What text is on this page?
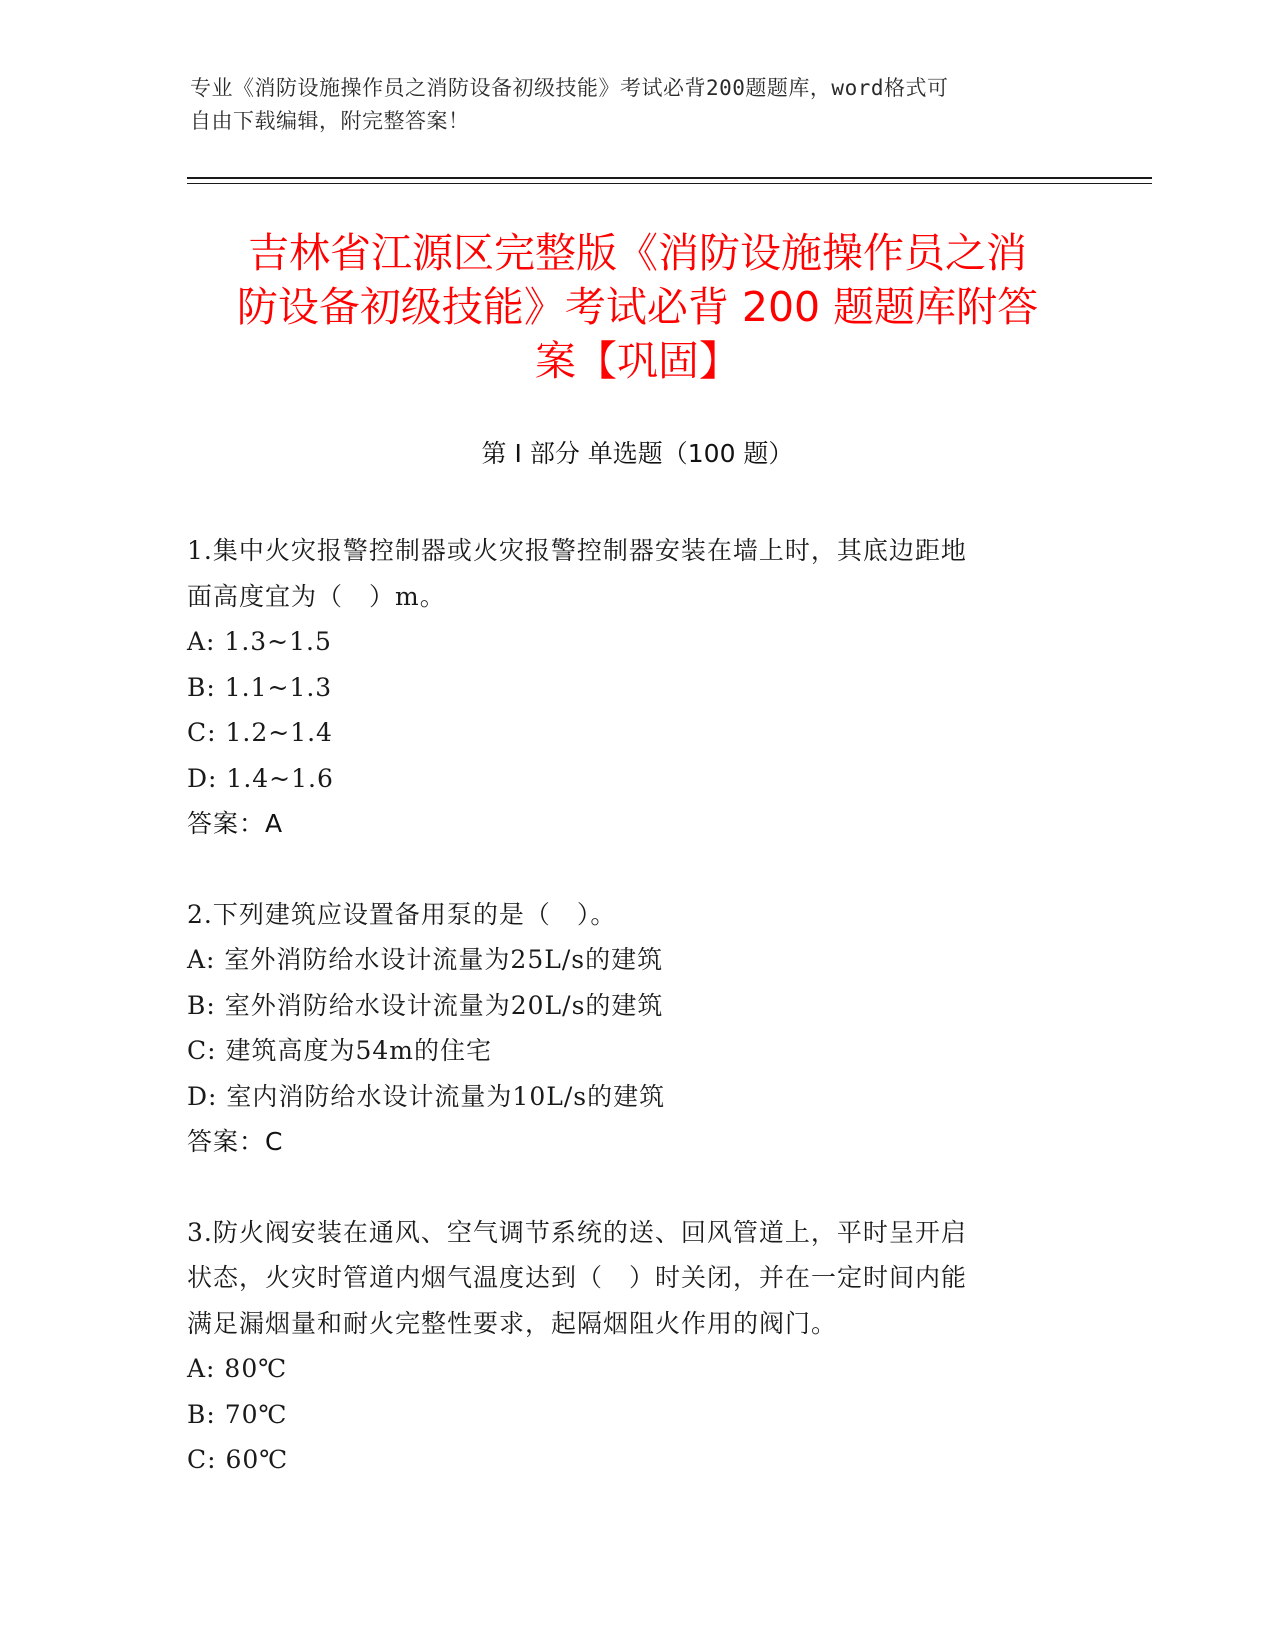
专业《消防设施操作员之消防设备初级技能》考试必背200题题库，word格式可
自由下载编辑，附完整答案！
吉林省江源区完整版《消防设施操作员之消
防设备初级技能》考试必背 200 题题库附答
案【巩固】
第 I 部分 单选题（100 题）
1.集中火灾报警控制器或火灾报警控制器安装在墙上时，其底边距地
面高度宜为（　）m。
A: 1.3~1.5
B: 1.1~1.3
C: 1.2~1.4
D: 1.4~1.6
答案：A
2.下列建筑应设置备用泵的是（　）。
A: 室外消防给水设计流量为25L/s的建筑
B: 室外消防给水设计流量为20L/s的建筑
C: 建筑高度为54m的住宅
D: 室内消防给水设计流量为10L/s的建筑
答案：C
3.防火阀安装在通风、空气调节系统的送、回风管道上，平时呈开启
状态，火灾时管道内烟气温度达到（　）时关闭，并在一定时间内能
满足漏烟量和耐火完整性要求，起隔烟阻火作用的阀门。
A: 80℃
B: 70℃
C: 60℃
